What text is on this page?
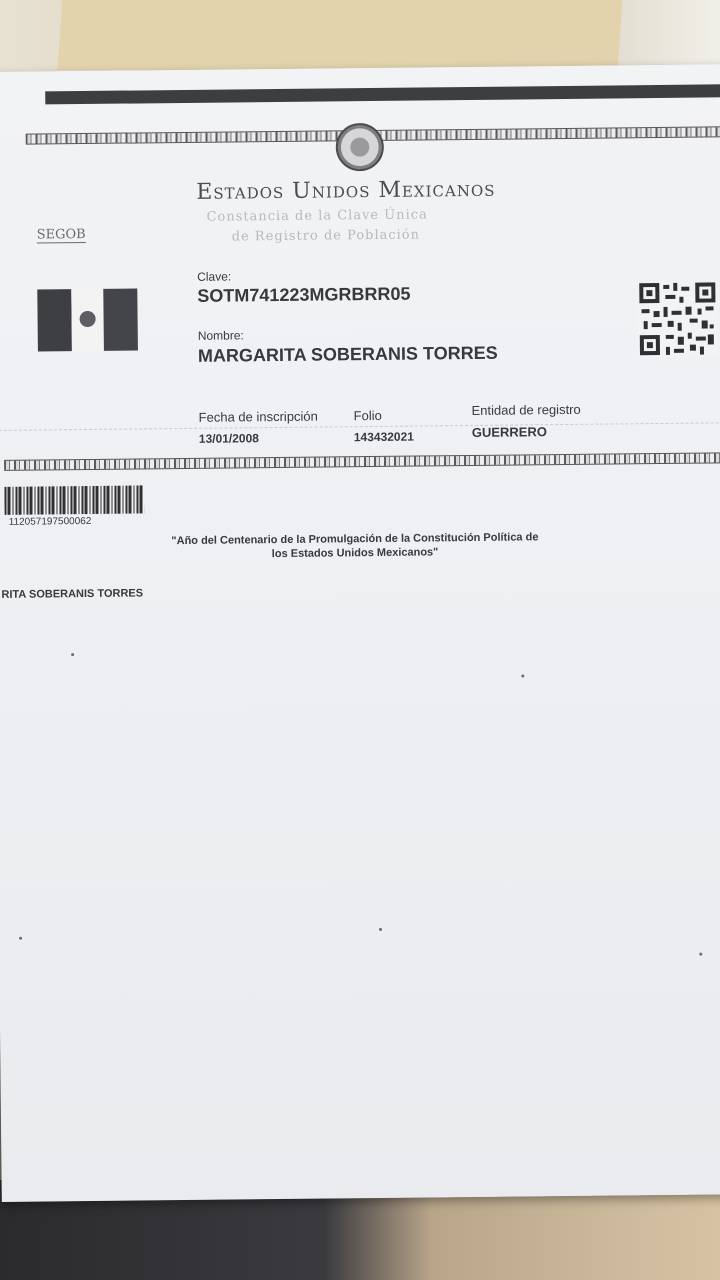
Estados Unidos Mexicanos
Constancia de la Clave Única
de Registro de Población
SEGOB
Clave:
SOTM741223MGRBRR05
Nombre:
MARGARITA SOBERANIS TORRES
Fecha de inscripción
13/01/2008
Folio
143432021
Entidad de registro
GUERRERO
112057197500062
"Año del Centenario de la Promulgación de la Constitución Política de
los Estados Unidos Mexicanos"
RITA SOBERANIS TORRES
